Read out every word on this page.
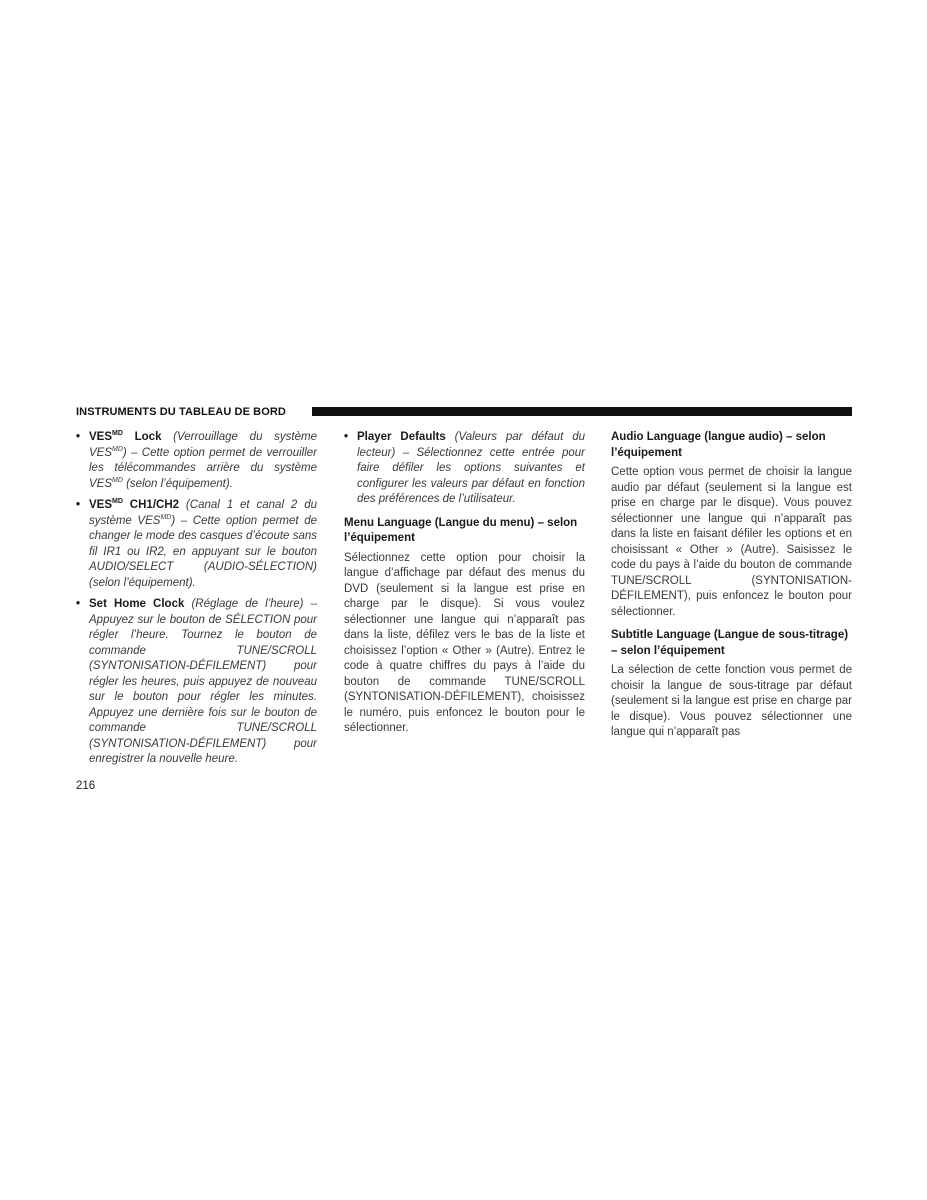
INSTRUMENTS DU TABLEAU DE BORD
• $VES^{MD}$ Lock (Verrouillage du système $VES^{MD}$) – Cette option permet de verrouiller les télécommandes arrière du système $VES^{MD}$ (selon l’équipement).
• $VES^{MD}$ CH1/CH2 (Canal 1 et canal 2 du système $VES^{MD}$) – Cette option permet de changer le mode des casques d’écoute sans fil IR1 ou IR2, en appuyant sur le bouton AUDIO/SELECT (AUDIO-SÉLECTION) (selon l’équipement).
• Set Home Clock (Réglage de l’heure) – Appuyez sur le bouton de SÉLECTION pour régler l’heure. Tournez le bouton de commande TUNE/SCROLL (SYNTONISATION-DÉFILEMENT) pour régler les heures, puis appuyez de nouveau sur le bouton pour régler les minutes. Appuyez une dernière fois sur le bouton de commande TUNE/SCROLL (SYNTONISATION-DÉFILEMENT) pour enregistrer la nouvelle heure.
• Player Defaults (Valeurs par défaut du lecteur) – Sélectionnez cette entrée pour faire défiler les options suivantes et configurer les valeurs par défaut en fonction des préférences de l’utilisateur.
Menu Language (Langue du menu) – selon l’équipement
Sélectionnez cette option pour choisir la langue d’affichage par défaut des menus du DVD (seulement si la langue est prise en charge par le disque). Si vous voulez sélectionner une langue qui n’apparaît pas dans la liste, défilez vers le bas de la liste et choisissez l’option « Other » (Autre). Entrez le code à quatre chiffres du pays à l’aide du bouton de commande TUNE/SCROLL (SYNTONISATION-DÉFILEMENT), choisissez le numéro, puis enfoncez le bouton pour le sélectionner.
Audio Language (langue audio) – selon l’équipement
Cette option vous permet de choisir la langue audio par défaut (seulement si la langue est prise en charge par le disque). Vous pouvez sélectionner une langue qui n’apparaît pas dans la liste en faisant défiler les options et en choisissant « Other » (Autre). Saisissez le code du pays à l’aide du bouton de commande TUNE/SCROLL (SYNTONISATION-DÉFILEMENT), puis enfoncez le bouton pour sélectionner.
Subtitle Language (Langue de sous-titrage) – selon l’équipement
La sélection de cette fonction vous permet de choisir la langue de sous-titrage par défaut (seulement si la langue est prise en charge par le disque). Vous pouvez sélectionner une langue qui n’apparaît pas
216
